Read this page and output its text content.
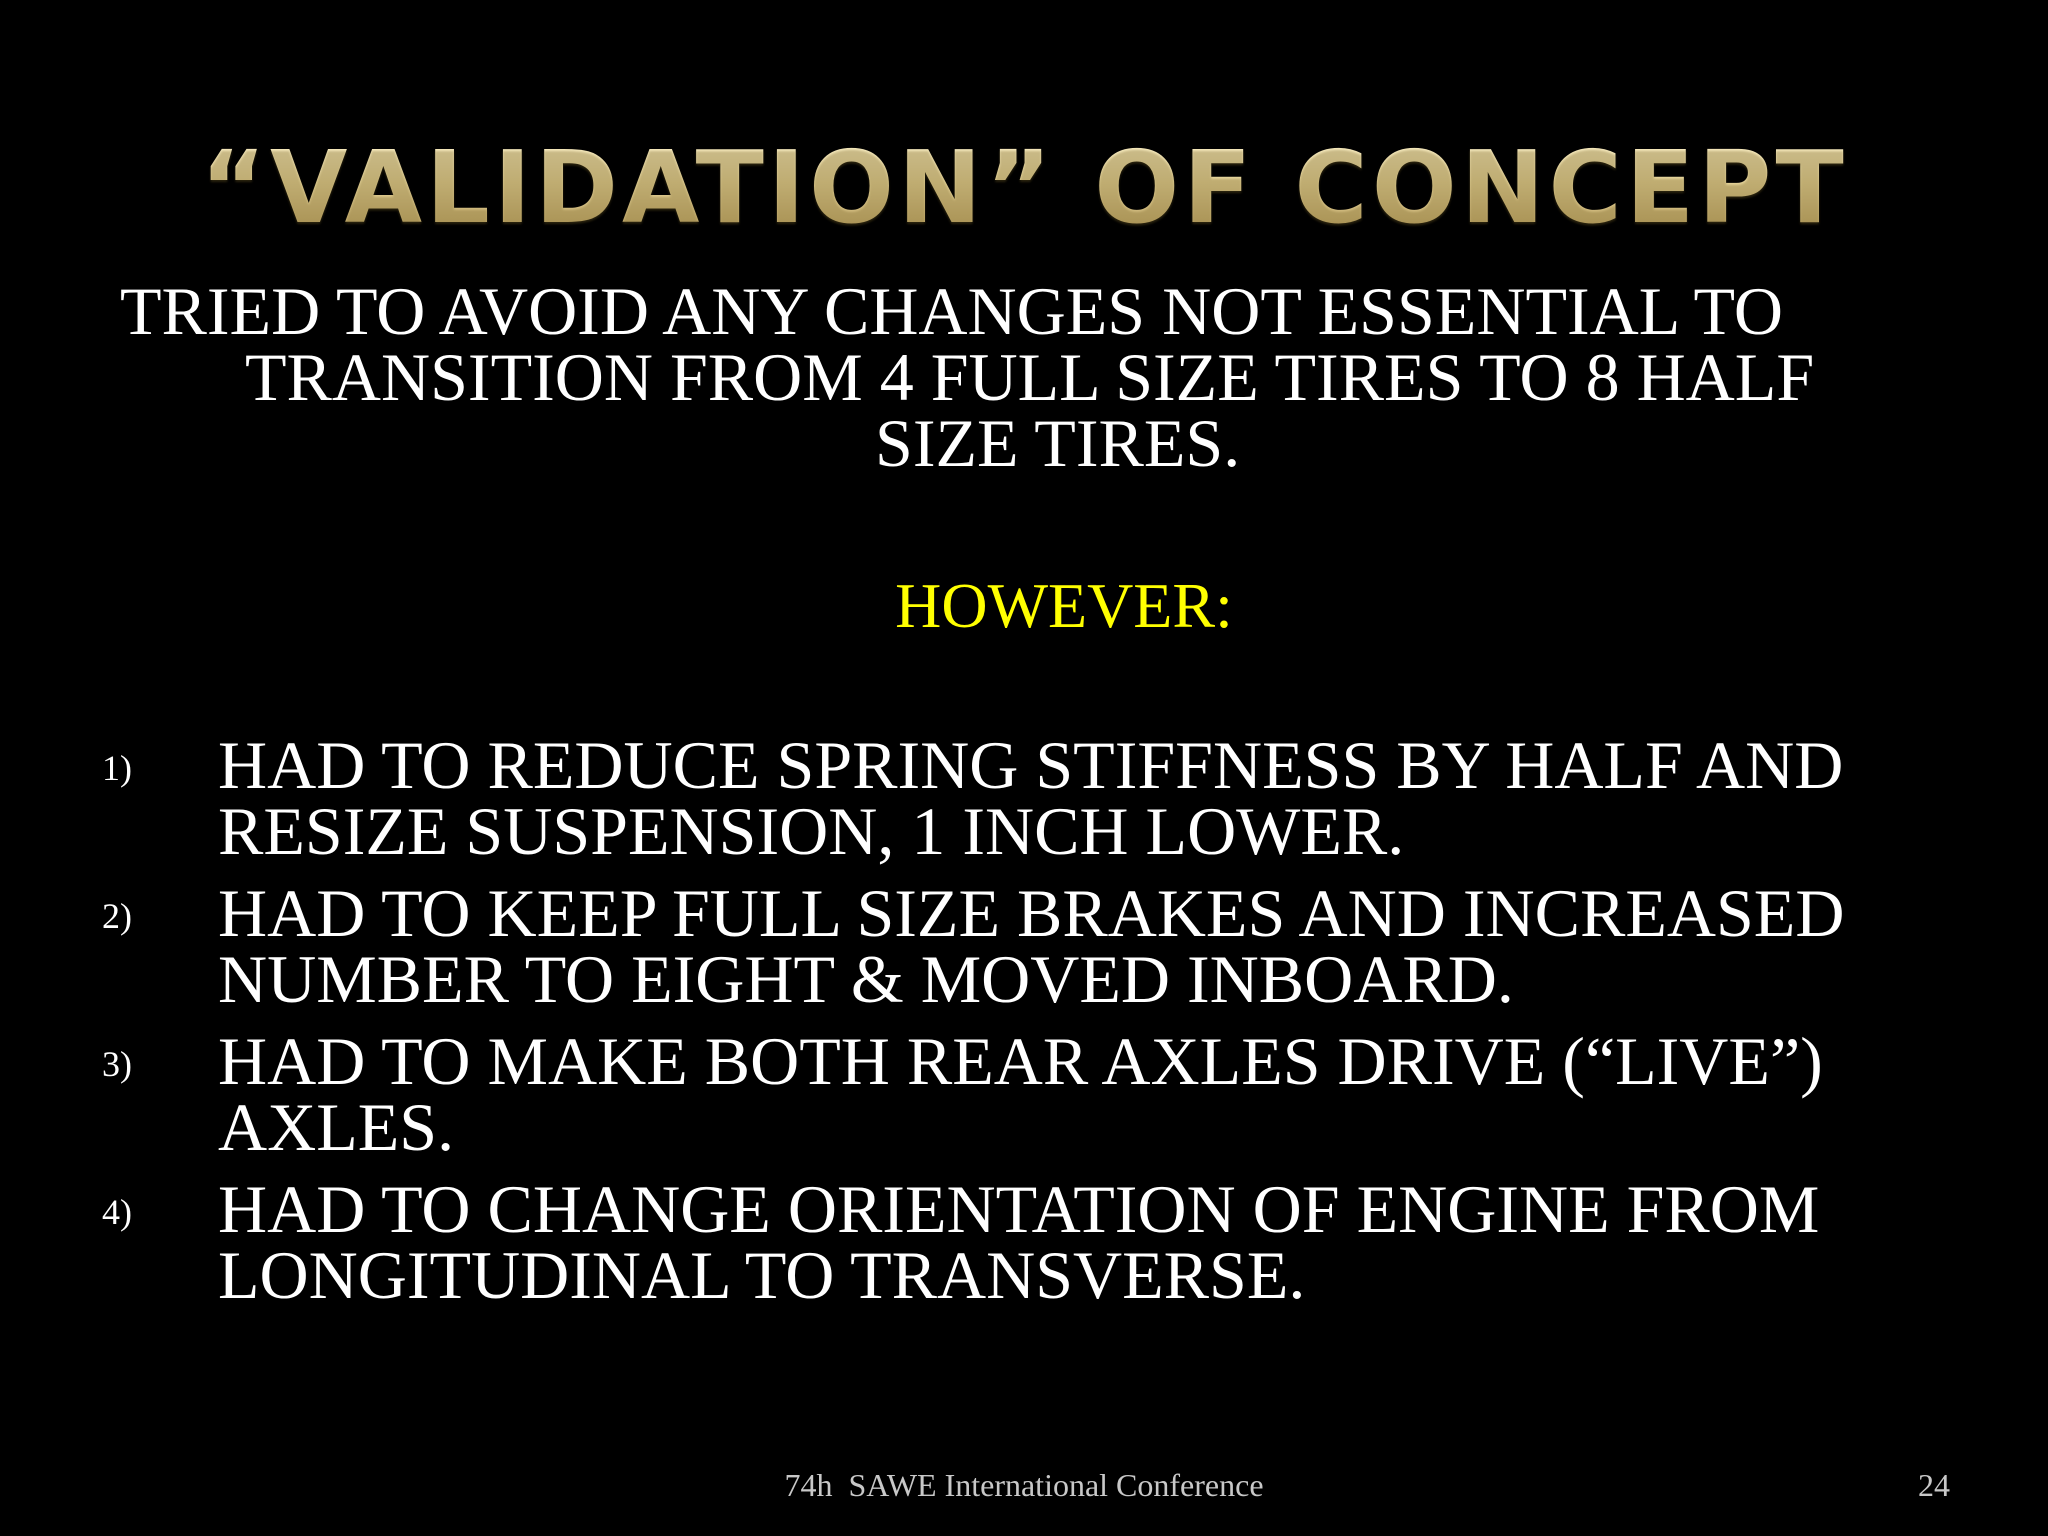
“VALIDATION” OF CONCEPT
TRIED TO AVOID ANY CHANGES NOT ESSENTIAL TO
TRANSITION FROM 4 FULL SIZE TIRES TO 8 HALF
SIZE TIRES.
HOWEVER:
1) HAD TO REDUCE SPRING STIFFNESS BY HALF AND RESIZE SUSPENSION, 1 INCH LOWER.
2) HAD TO KEEP FULL SIZE BRAKES AND INCREASED NUMBER TO EIGHT & MOVED INBOARD.
3) HAD TO MAKE BOTH REAR AXLES DRIVE (“LIVE”) AXLES.
4) HAD TO CHANGE ORIENTATION OF ENGINE FROM LONGITUDINAL TO TRANSVERSE.
74h  SAWE International Conference	24
